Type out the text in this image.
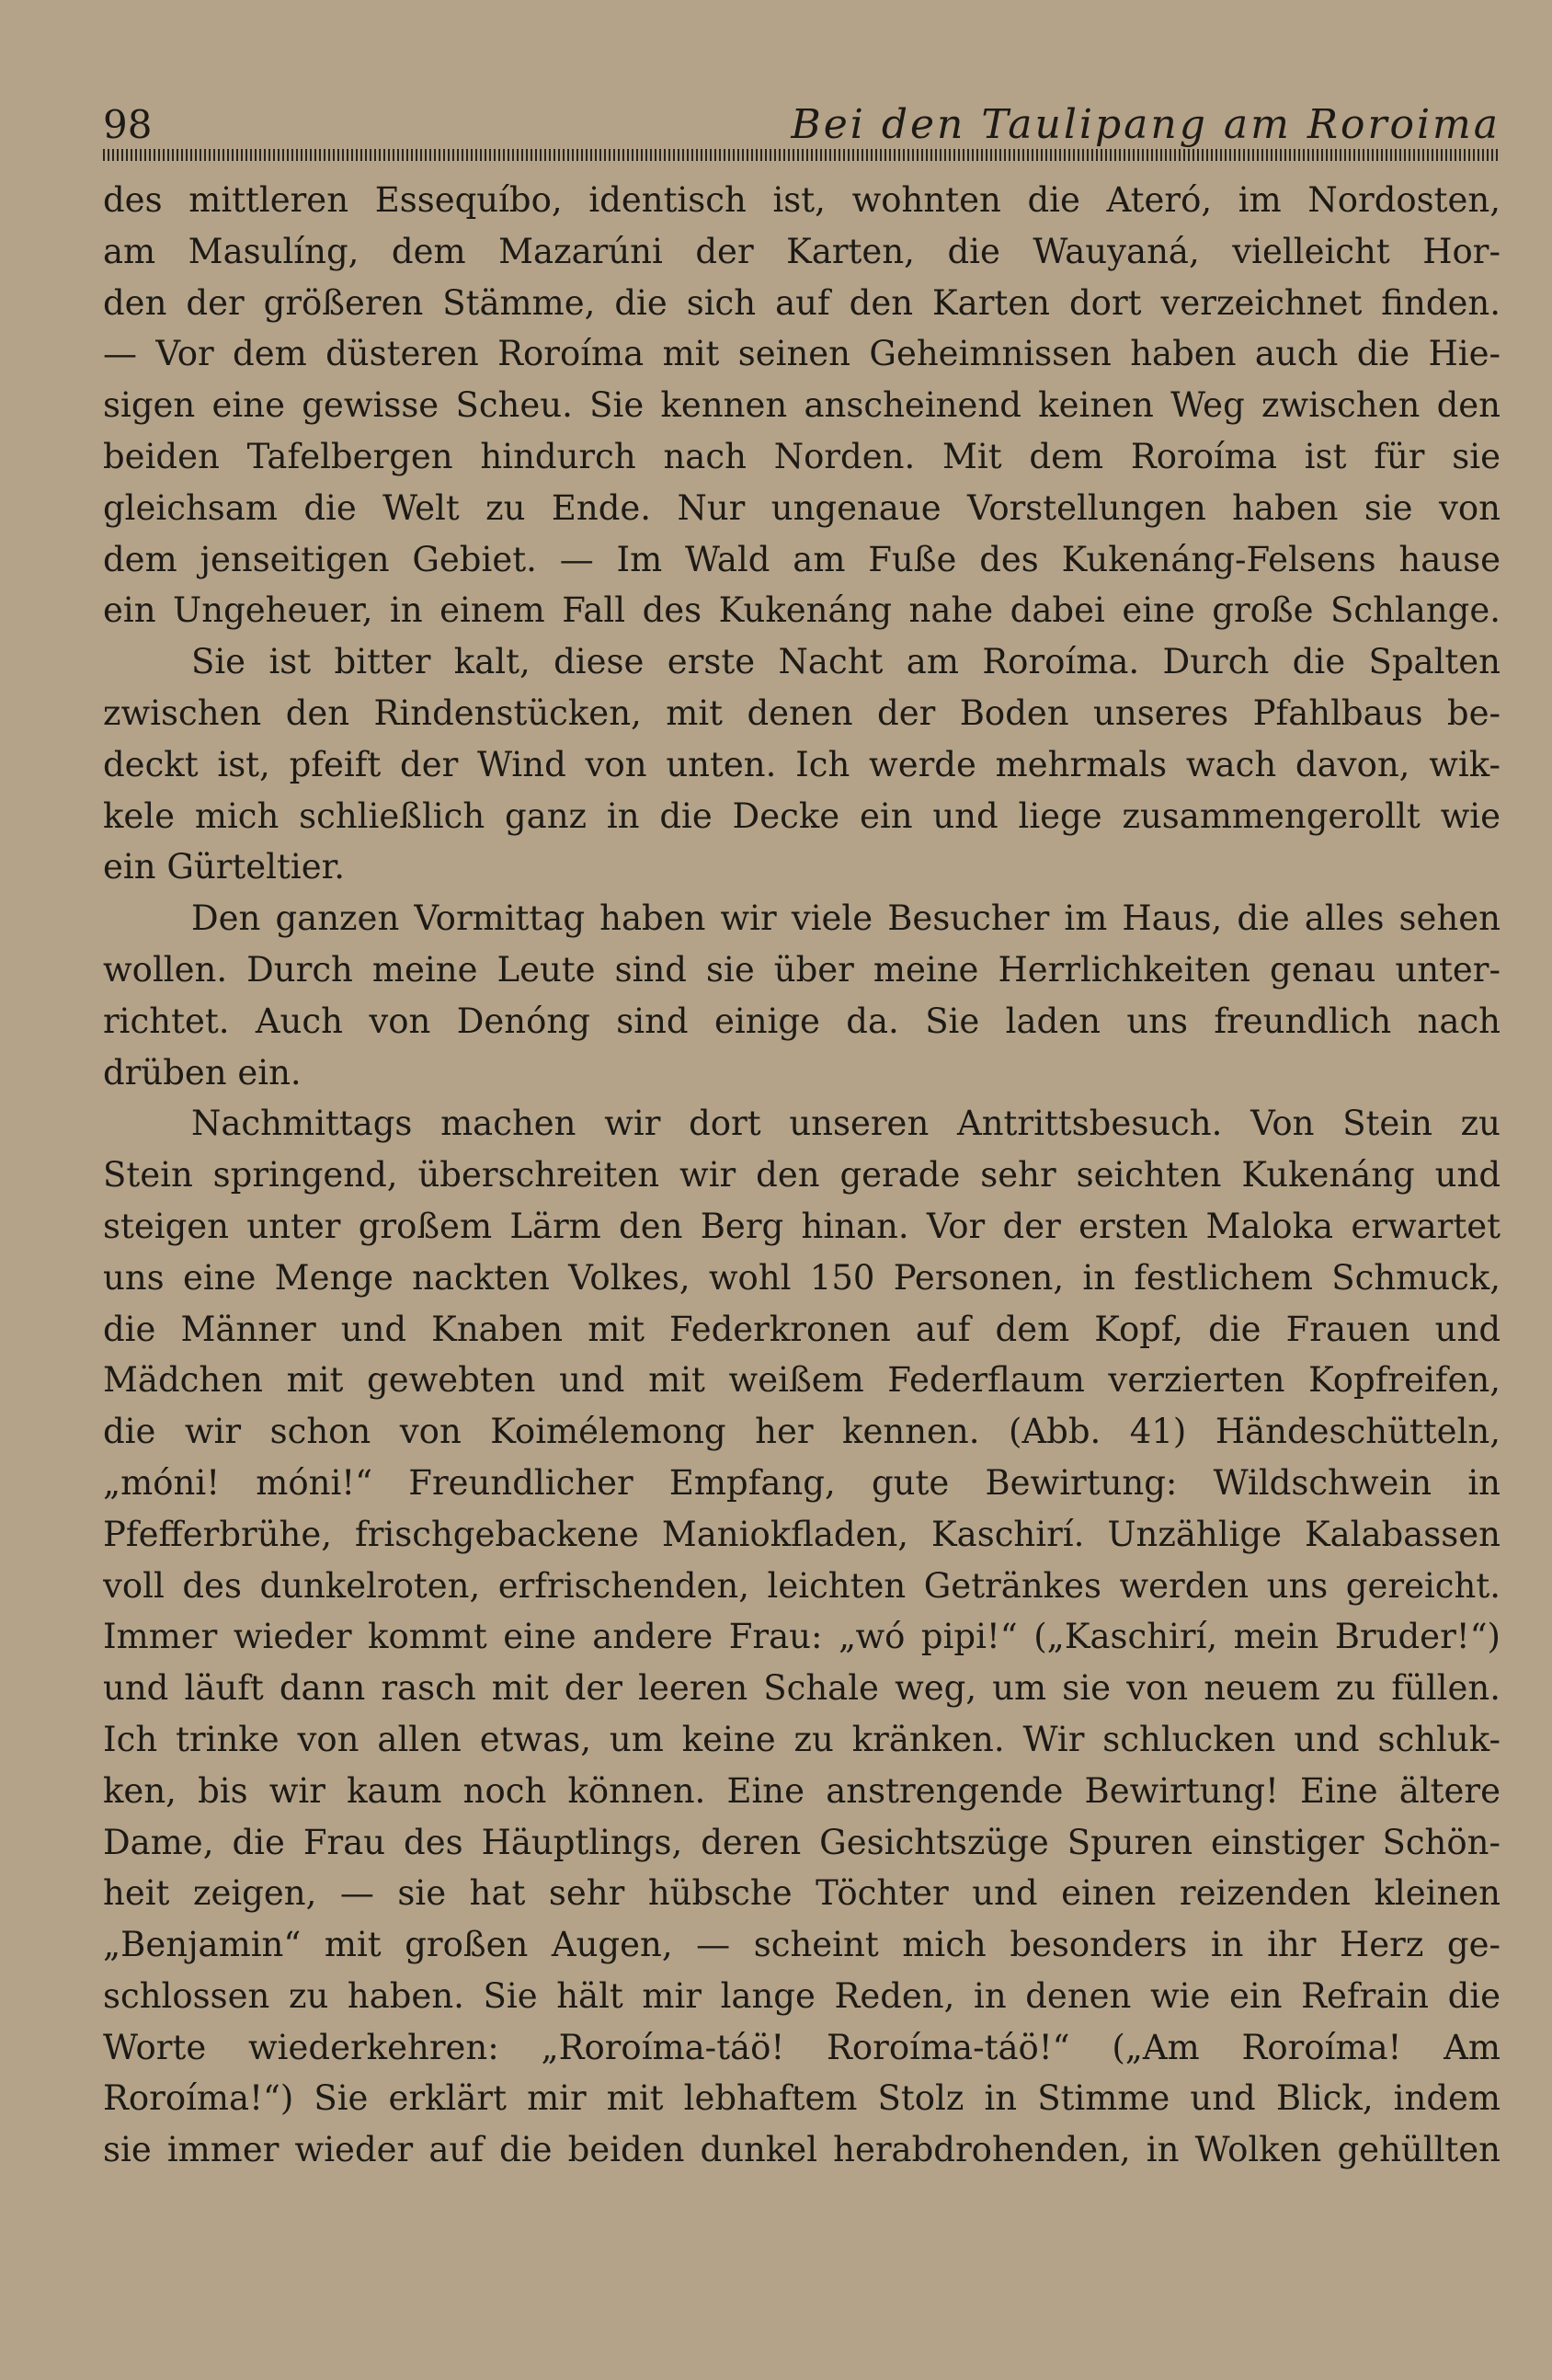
98	Bei den Taulipang am Roroima
des mittleren Essequíbo, identisch ist, wohnten die Ateró, im Nordosten,
am Masulíng, dem Mazarúni der Karten, die Wauyaná, vielleicht Hor-
den der größeren Stämme, die sich auf den Karten dort verzeichnet finden.
— Vor dem düsteren Roroíma mit seinen Geheimnissen haben auch die Hie-
sigen eine gewisse Scheu. Sie kennen anscheinend keinen Weg zwischen den
beiden Tafelbergen hindurch nach Norden. Mit dem Roroíma ist für sie
gleichsam die Welt zu Ende. Nur ungenaue Vorstellungen haben sie von
dem jenseitigen Gebiet. — Im Wald am Fuße des Kukenáng-Felsens hause
ein Ungeheuer, in einem Fall des Kukenáng nahe dabei eine große Schlange.
Sie ist bitter kalt, diese erste Nacht am Roroíma. Durch die Spalten
zwischen den Rindenstücken, mit denen der Boden unseres Pfahlbaus be-
deckt ist, pfeift der Wind von unten. Ich werde mehrmals wach davon, wik-
kele mich schließlich ganz in die Decke ein und liege zusammengerollt wie
ein Gürteltier.
Den ganzen Vormittag haben wir viele Besucher im Haus, die alles sehen
wollen. Durch meine Leute sind sie über meine Herrlichkeiten genau unter-
richtet. Auch von Denóng sind einige da. Sie laden uns freundlich nach
drüben ein.
Nachmittags machen wir dort unseren Antrittsbesuch. Von Stein zu
Stein springend, überschreiten wir den gerade sehr seichten Kukenáng und
steigen unter großem Lärm den Berg hinan. Vor der ersten Maloka erwartet
uns eine Menge nackten Volkes, wohl 150 Personen, in festlichem Schmuck,
die Männer und Knaben mit Federkronen auf dem Kopf, die Frauen und
Mädchen mit gewebten und mit weißem Federflaum verzierten Kopfreifen,
die wir schon von Koimélemong her kennen. (Abb. 41) Händeschütteln,
„móni! móni!“ Freundlicher Empfang, gute Bewirtung: Wildschwein in
Pfefferbrühe, frischgebackene Maniokfladen, Kaschirí. Unzählige Kalabassen
voll des dunkelroten, erfrischenden, leichten Getränkes werden uns gereicht.
Immer wieder kommt eine andere Frau: „wó pipi!“ („Kaschirí, mein Bruder!“)
und läuft dann rasch mit der leeren Schale weg, um sie von neuem zu füllen.
Ich trinke von allen etwas, um keine zu kränken. Wir schlucken und schluk-
ken, bis wir kaum noch können. Eine anstrengende Bewirtung! Eine ältere
Dame, die Frau des Häuptlings, deren Gesichtszüge Spuren einstiger Schön-
heit zeigen, — sie hat sehr hübsche Töchter und einen reizenden kleinen
„Benjamin“ mit großen Augen, — scheint mich besonders in ihr Herz ge-
schlossen zu haben. Sie hält mir lange Reden, in denen wie ein Refrain die
Worte wiederkehren: „Roroíma-táö! Roroíma-táö!“ („Am Roroíma! Am
Roroíma!“) Sie erklärt mir mit lebhaftem Stolz in Stimme und Blick, indem
sie immer wieder auf die beiden dunkel herabdrohenden, in Wolken gehüllten
